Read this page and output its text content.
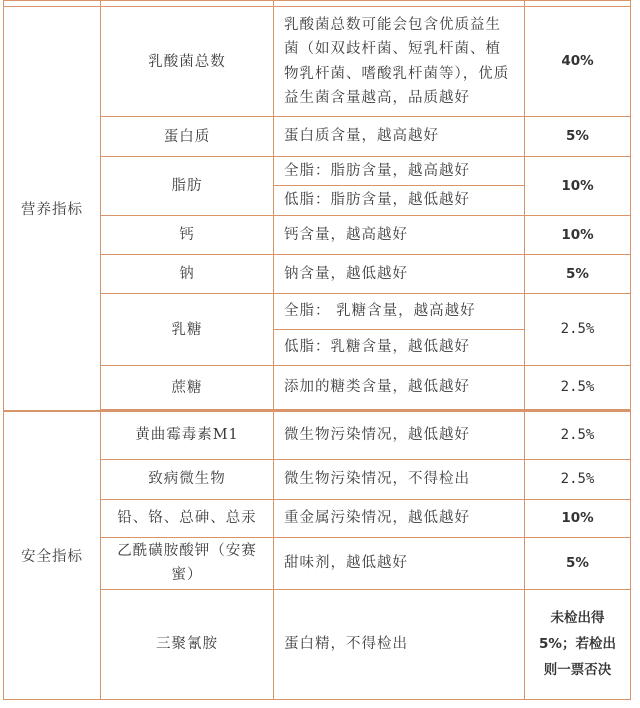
营养指标	乳酸菌总数	乳酸菌总数可能会包含优质益生菌（如双歧杆菌、短乳杆菌、植物乳杆菌、嗜酸乳杆菌等），优质益生菌含量越高，品质越好	40%
	蛋白质	蛋白质含量，越高越好	5%
	脂肪	全脂：脂肪含量，越高越好	10%
		低脂：脂肪含量，越低越好	
	钙	钙含量，越高越好	10%
	钠	钠含量，越低越好	5%
	乳糖	全脂： 乳糖含量，越高越好	2.5%
		低脂：乳糖含量，越低越好	
	蔗糖	添加的糖类含量，越低越好	2.5%

安全指标	黄曲霉毒素M1	微生物污染情况，越低越好	2.5%
	致病微生物	微生物污染情况，不得检出	2.5%
	铅、铬、总砷、总汞	重金属污染情况，越低越好	10%
	乙酰磺胺酸钾（安赛蜜）	甜味剂，越低越好	5%
	三聚氰胺	蛋白精，不得检出	未检出得5%；若检出则一票否决
